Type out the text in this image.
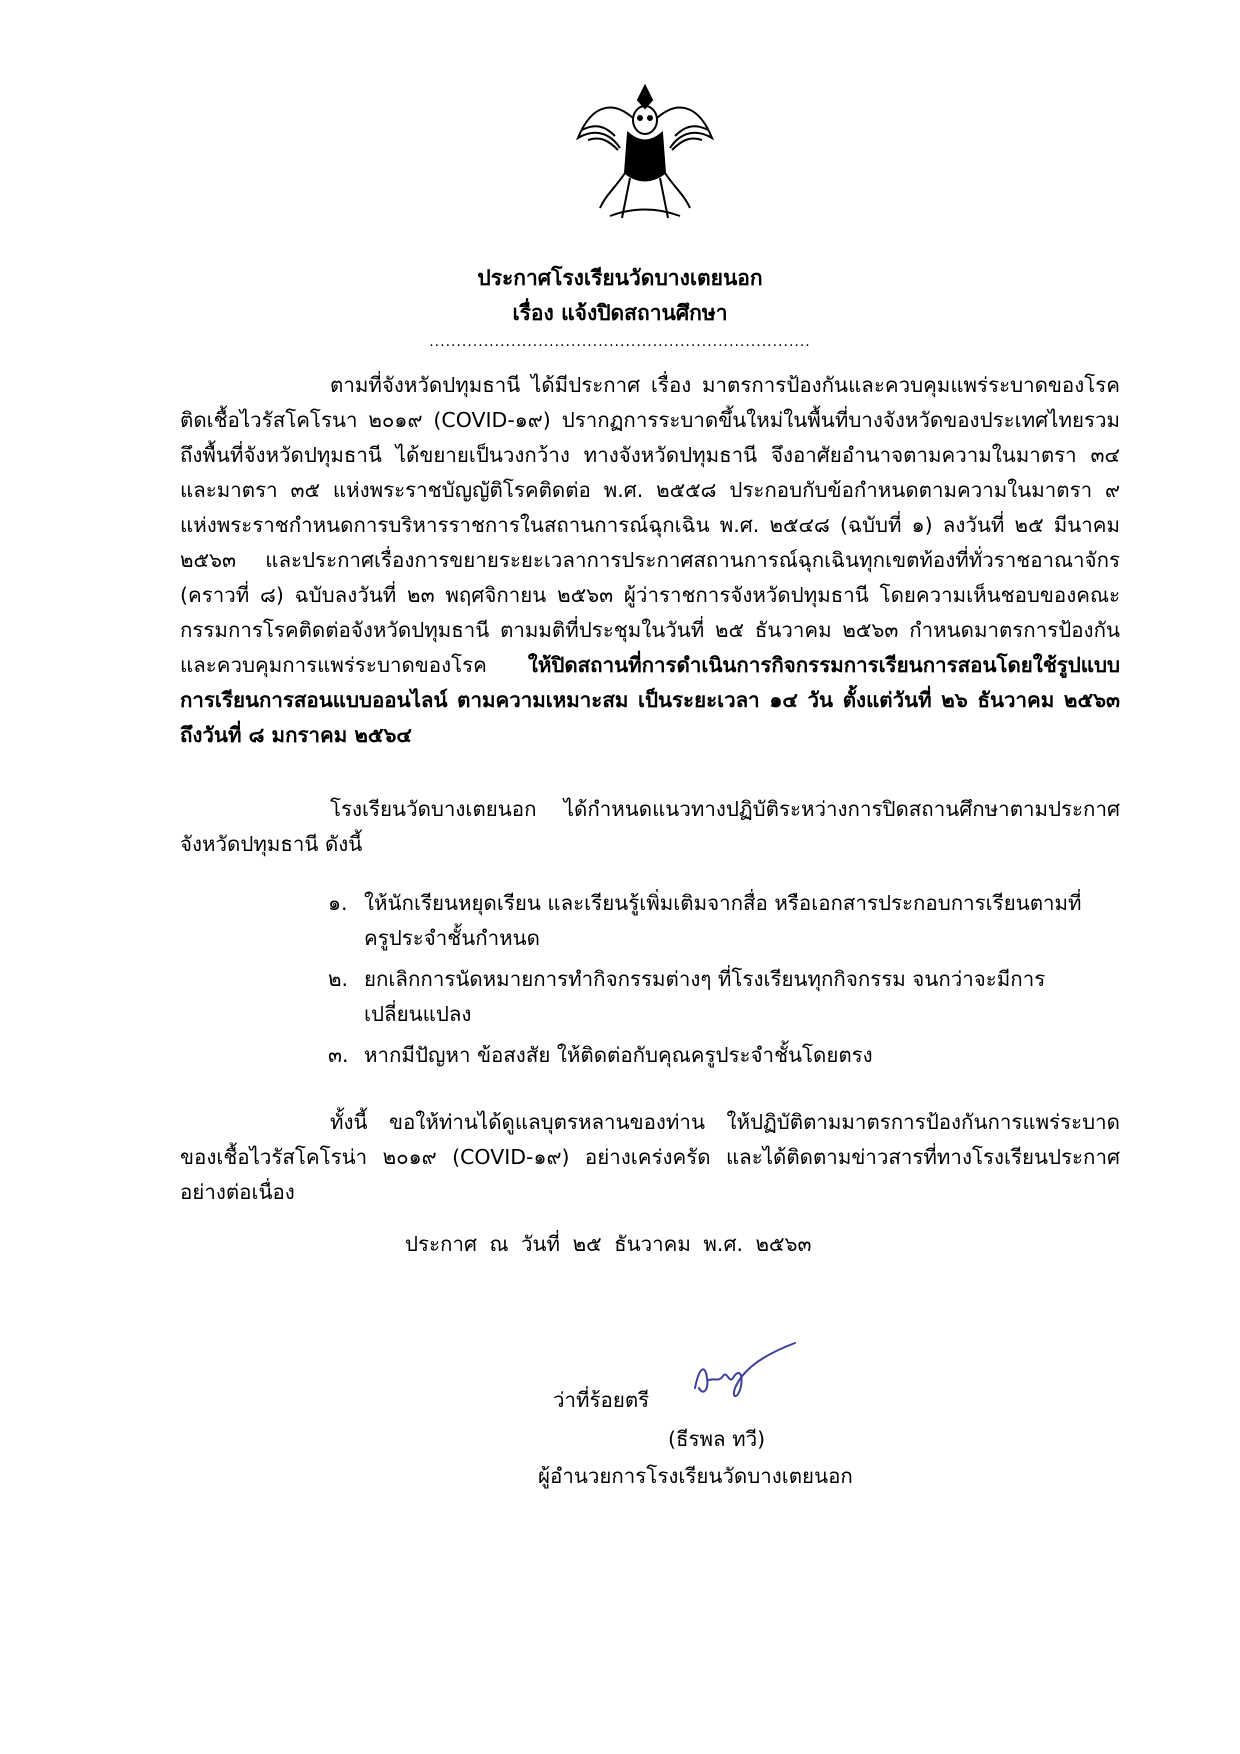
ประกาศโรงเรียนวัดบางเตยนอก
เรื่อง แจ้งปิดสถานศึกษา
......................................................................
ตามที่จังหวัดปทุมธานี ได้มีประกาศ เรื่อง มาตรการป้องกันและควบคุมแพร่ระบาดของโรคติดเชื้อไวรัสโคโรนา ๒๐๑๙ (COVID-๑๙) ปรากฏการระบาดขึ้นใหม่ในพื้นที่บางจังหวัดของประเทศไทยรวมถึงพื้นที่จังหวัดปทุมธานี ได้ขยายเป็นวงกว้าง ทางจังหวัดปทุมธานี จึงอาศัยอำนาจตามความในมาตรา ๓๔ และมาตรา ๓๕ แห่งพระราชบัญญัติโรคติดต่อ พ.ศ. ๒๕๕๘ ประกอบกับข้อกำหนดตามความในมาตรา ๙ แห่งพระราชกำหนดการบริหารราชการในสถานการณ์ฉุกเฉิน พ.ศ. ๒๕๔๘ (ฉบับที่ ๑) ลงวันที่ ๒๕ มีนาคม ๒๕๖๓ และประกาศเรื่องการขยายระยะเวลาการประกาศสถานการณ์ฉุกเฉินทุกเขตท้องที่ทั่วราชอาณาจักร (คราวที่ ๘) ฉบับลงวันที่ ๒๓ พฤศจิกายน ๒๕๖๓ ผู้ว่าราชการจังหวัดปทุมธานี โดยความเห็นชอบของคณะกรรมการโรคติดต่อจังหวัดปทุมธานี ตามมติที่ประชุมในวันที่ ๒๕ ธันวาคม ๒๕๖๓ กำหนดมาตรการป้องกันและควบคุมการแพร่ระบาดของโรค ให้ปิดสถานที่การดำเนินการกิจกรรมการเรียนการสอนโดยใช้รูปแบบการเรียนการสอนแบบออนไลน์ ตามความเหมาะสม เป็นระยะเวลา ๑๔ วัน ตั้งแต่วันที่ ๒๖ ธันวาคม ๒๕๖๓ ถึงวันที่ ๘ มกราคม ๒๕๖๔
โรงเรียนวัดบางเตยนอก ได้กำหนดแนวทางปฏิบัติระหว่างการปิดสถานศึกษาตามประกาศจังหวัดปทุมธานี ดังนี้
๑. ให้นักเรียนหยุดเรียน และเรียนรู้เพิ่มเติมจากสื่อ หรือเอกสารประกอบการเรียนตามที่ครูประจำชั้นกำหนด
๒. ยกเลิกการนัดหมายการทำกิจกรรมต่างๆ ที่โรงเรียนทุกกิจกรรม จนกว่าจะมีการเปลี่ยนแปลง
๓. หากมีปัญหา ข้อสงสัย ให้ติดต่อกับคุณครูประจำชั้นโดยตรง
ทั้งนี้ ขอให้ท่านได้ดูแลบุตรหลานของท่าน ให้ปฏิบัติตามมาตรการป้องกันการแพร่ระบาดของเชื้อไวรัสโคโรน่า ๒๐๑๙ (COVID-๑๙) อย่างเคร่งครัด และได้ติดตามข่าวสารที่ทางโรงเรียนประกาศอย่างต่อเนื่อง
ประกาศ ณ วันที่ ๒๕ ธันวาคม พ.ศ. ๒๕๖๓
ว่าที่ร้อยตรี
(ธีรพล ทวี)
ผู้อำนวยการโรงเรียนวัดบางเตยนอก
